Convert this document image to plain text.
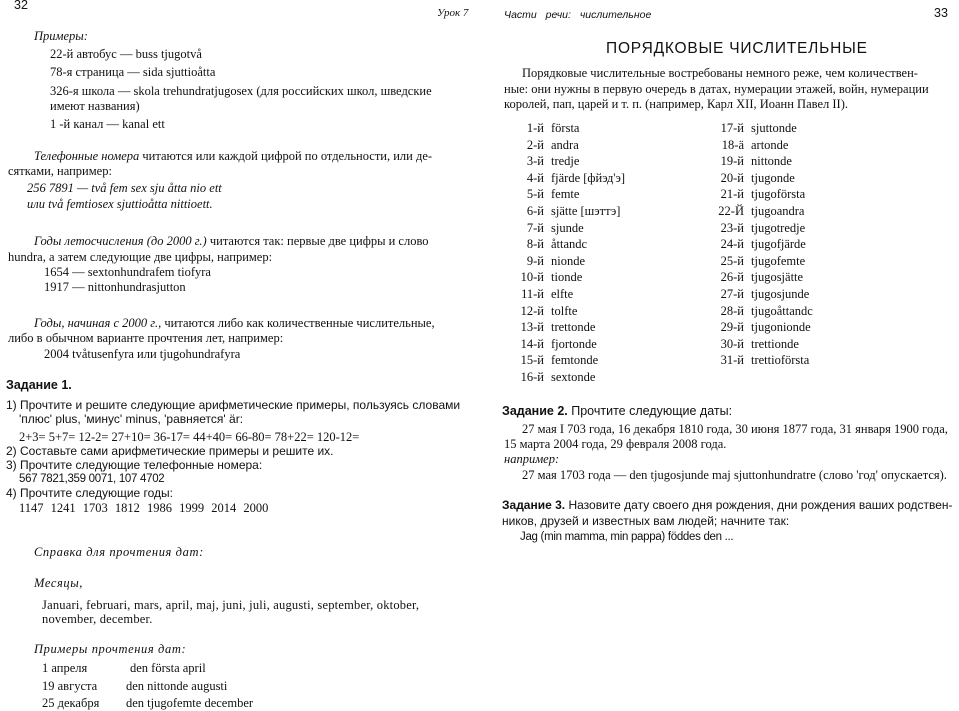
32
Урок 7
Примеры:
22-й автобус — buss tjugotvå
78-я страница — sida sjuttioåtta
326-я школа — skola trehundratjugosex (для российских школ, шведские
имеют названия)
1 -й канал — kanal ett
Телефонные номера читаются или каждой цифрой по отдельности, или де-
сятками, например:
256 7891 — två fem sex sju åtta nio ett
или två femtiosex sjuttioåtta nittioett.
Годы летосчисления (до 2000 г.) читаются так: первые две цифры и слово
hundra, а затем следующие две цифры, например:
1654 — sextonhundrafem tiofyra
1917 — nittonhundrasjutton
Годы, начиная с 2000 г., читаются либо как количественные числительные,
либо в обычном варианте прочтения лет, например:
2004 tvåtusenfyra или tjugohundrafyra
Задание 1.
1) Прочтите и решите следующие арифметические примеры, пользуясь словами
'плюс' plus, 'минус' minus, 'равняется' är:
2+3= 5+7= 12-2= 27+10= 36-17= 44+40= 66-80= 78+22= 120-12=
2) Составьте сами арифметические примеры и решите их.
3) Прочтите следующие телефонные номера:
567 7821,359 0071, 107 4702
4) Прочтите следующие годы:
1147 1241 1703 1812 1986 1999 2014 2000
Справка для прочтения дат:
Месяцы,
Januari, februari, mars, april, maj, juni, juli, augusti, september, oktober,
november, december.
Примеры прочтения дат:
1 апреля	den första april
19 августа den nittonde augusti
25 декабря den tjugofemte december
Части речи: числительное	33
ПОРЯДКОВЫЕ ЧИСЛИТЕЛЬНЫЕ
Порядковые числительные востребованы немного реже, чем количествен-
ные: они нужны в первую очередь в датах, нумерации этажей, войн, нумерации
королей, пап, царей и т. п. (например, Карл XII, Иоанн Павел II).
1-й första
2-й andra
3-й tredje
4-й fjärde [фйэд'э]
5-й femte
6-й sjätte [шэттэ]
7-й sjunde
8-й åttandc
9-й nionde
10-й tionde
11-й elfte
12-й tolfte
13-й trettonde
14-й fjortonde
15-й femtonde
16-й sextonde
17-й sjuttonde
18-ä artonde
19-й nittonde
20-й tjugonde
21-й tjugoförsta
22-Й tjugoandra
23-й tjugotredje
24-й tjugofjärde
25-й tjugofemte
26-й tjugosjätte
27-й tjugosjunde
28-й tjugoåttandc
29-й tjugonionde
30-й trettionde
31-й trettioförsta
Задание 2. Прочтите следующие даты:
27 мая I 703 года, 16 декабря 1810 года, 30 июня 1877 года, 31 января 1900 года,
15 марта 2004 года, 29 февраля 2008 года.
например:
27 мая 1703 года — den tjugosjunde maj sjuttonhundratre (слово 'год' опускается).
Задание 3. Назовите дату своего дня рождения, дни рождения ваших родствен-
ников, друзей и известных вам людей; начните так:
Jag (min mamma, min pappa) föddes den ...
